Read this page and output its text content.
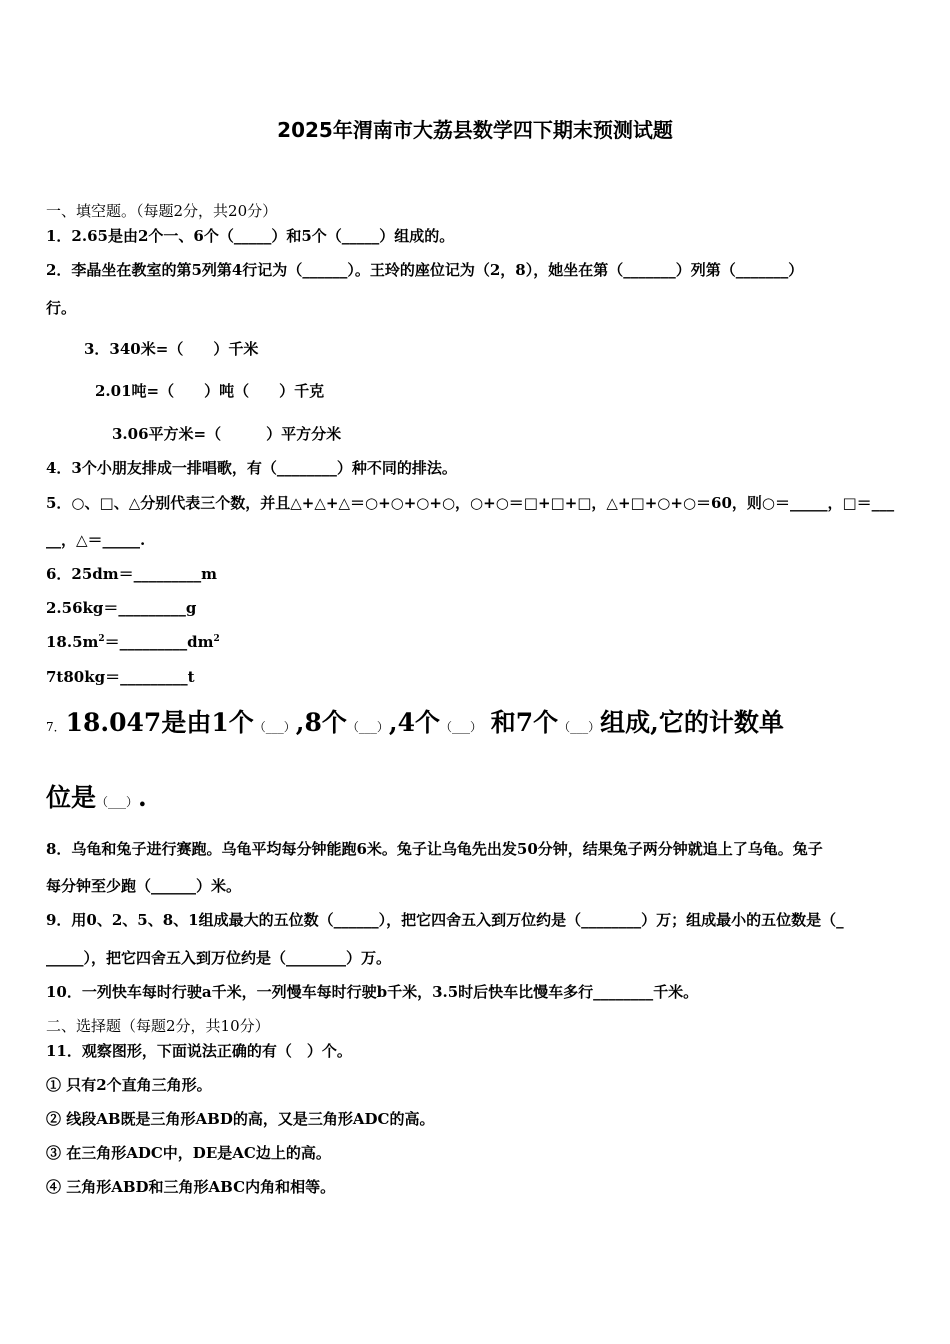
2025年渭南市大荔县数学四下期末预测试题
一、填空题。（每题2分，共20分）
1．2.65是由2个一、6个（_____）和5个（_____）组成的。
2．李晶坐在教室的第5列第4行记为（______）。王玲的座位记为（2，8），她坐在第（_______）列第（_______）
行。
3．340米=（　　）千米
2.01吨=（　　）吨（　　）千克
3.06平方米=（　　　）平方分米
4．3个小朋友排成一排唱歌，有（________）种不同的排法。
5．○、□、△分别代表三个数，并且△+△+△＝○+○+○+○，○+○＝□+□+□，△+□+○+○＝60，则○＝_____，□＝___
__，△＝_____.
6．25dm＝_________m
2.56kg＝_________g
$18.5m^2=\_\_\_\_\_\_\_\_\_dm^2$
7t80kg＝_________t
7．18.047是由1个（___）,8个（___）,4个（___） 和7个（___）组成,它的计数单
位是（___）.
8．乌龟和兔子进行赛跑。乌龟平均每分钟能跑6米。兔子让乌龟先出发50分钟，结果兔子两分钟就追上了乌龟。兔子
每分钟至少跑（______）米。
9．用0、2、5、8、1组成最大的五位数（______），把它四舍五入到万位约是（________）万；组成最小的五位数是（_
_____），把它四舍五入到万位约是（________）万。
10．一列快车每时行驶a千米，一列慢车每时行驶b千米，3.5时后快车比慢车多行________千米。
二、选择题（每题2分，共10分）
11．观察图形，下面说法正确的有（　）个。
① 只有2个直角三角形。
② 线段AB既是三角形ABD的高，又是三角形ADC的高。
③ 在三角形ADC中，DE是AC边上的高。
④ 三角形ABD和三角形ABC内角和相等。
